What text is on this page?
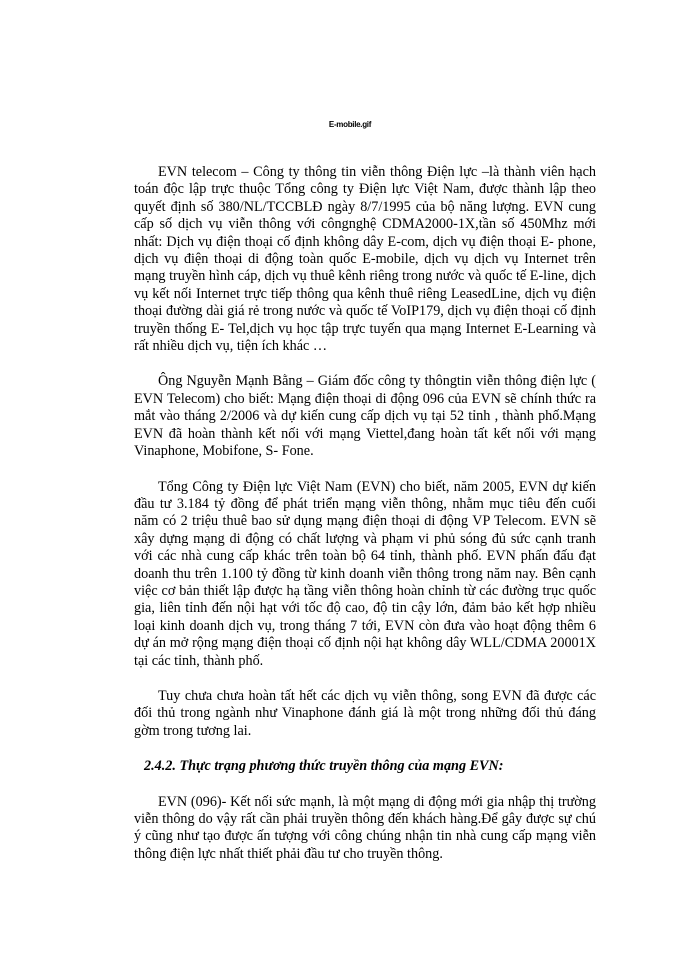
E-mobile.gif

EVN telecom – Công ty thông tin viễn thông Điện lực –là thành viên hạch toán độc lập trực thuộc Tổng công ty Điện lực Việt Nam, được thành lập theo quyết định số 380/NL/TCCBLĐ ngày 8/7/1995 của bộ năng lượng. EVN cung cấp số dịch vụ viễn thông với côngnghệ CDMA2000-1X,tần số 450Mhz mới nhất: Dịch vụ điện thoại cố định không dây E-com, dịch vụ điện thoại E- phone, dịch vụ điện thoại di động toàn quốc E-mobile, dịch vụ dịch vụ Internet trên mạng truyền hình cáp, dịch vụ thuê kênh riêng trong nước và quốc tế E-line, dịch vụ kết nối Internet trực tiếp thông qua kênh thuê riêng LeasedLine, dịch vụ điện thoại đường dài giá rẻ trong nước và quốc tế VoIP179, dịch vụ điện thoại cố định truyền thống E- Tel,dịch vụ học tập trực tuyến qua mạng Internet E-Learning và rất nhiều dịch vụ, tiện ích khác …

Ông Nguyễn Mạnh Bằng – Giám đốc công ty thôngtin viễn thông điện lực ( EVN Telecom) cho biết: Mạng điện thoại di động 096 của EVN sẽ chính thức ra mắt vào tháng 2/2006 và dự kiến cung cấp dịch vụ tại 52 tỉnh , thành phố.Mạng EVN đã hoàn thành kết nối với mạng Viettel,đang hoàn tất kết nối với mạng Vinaphone, Mobifone, S- Fone.

Tổng Công ty Điện lực Việt Nam (EVN) cho biết, năm 2005, EVN dự kiến đầu tư 3.184 tỷ đồng để phát triển mạng viễn thông, nhằm mục tiêu đến cuối năm có 2 triệu thuê bao sử dụng mạng điện thoại di động VP Telecom. EVN sẽ xây dựng mạng di động có chất lượng và phạm vi phủ sóng đủ sức cạnh tranh với các nhà cung cấp khác trên toàn bộ 64 tỉnh, thành phố. EVN phấn đấu đạt doanh thu trên 1.100 tỷ đồng từ kinh doanh viễn thông trong năm nay. Bên cạnh việc cơ bản thiết lập được hạ tầng viễn thông hoàn chỉnh từ các đường trục quốc gia, liên tỉnh đến nội hạt với tốc độ cao, độ tin cậy lớn, đảm bảo kết hợp nhiều loại kinh doanh dịch vụ, trong tháng 7 tới, EVN còn đưa vào hoạt động thêm 6 dự án mở rộng mạng điện thoại cố định nội hạt không dây WLL/CDMA 20001X tại các tỉnh, thành phố.

Tuy chưa chưa hoàn tất hết các dịch vụ viễn thông, song EVN đã được các đối thủ trong ngành như Vinaphone đánh giá là một trong những đối thủ đáng gờm trong tương lai.

2.4.2. Thực trạng phương thức truyền thông của mạng EVN:

EVN (096)- Kết nối sức mạnh, là một mạng di động mới gia nhập thị trường viễn thông do vậy rất cần phải truyền thông đến khách hàng.Để gây được sự chú ý cũng như tạo được ấn tượng với công chúng nhận tin nhà cung cấp mạng viễn thông điện lực nhất thiết phải đầu tư cho truyền thông.
